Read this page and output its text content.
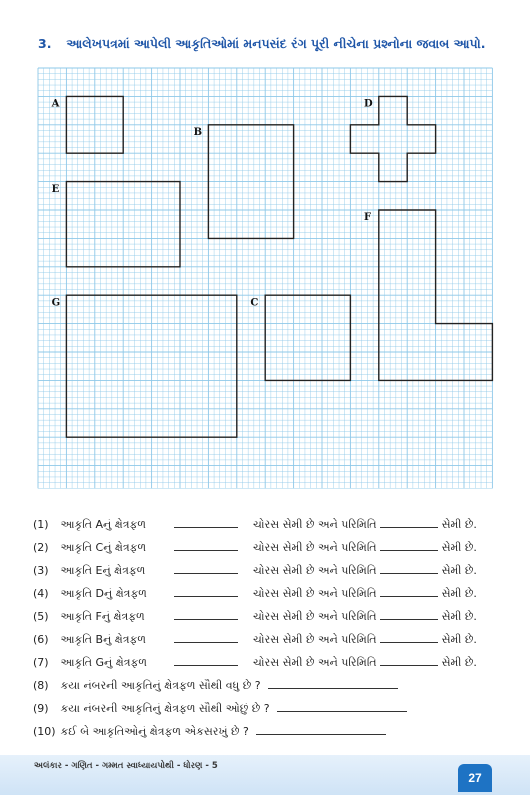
3. આલેખપત્રમાં આપેલી આકૃતિઓમાં મનપસંદ રંગ પૂરી નીચેના પ્રશ્નોના જવાબ આપો.
A
B
C
D
E
F
G
(1) આકૃતિ Aનું ક્ષેત્રફળ	ચોરસ સેમી છે અને પરિમિતિ	સેમી છે.
(2) આકૃતિ Cનું ક્ષેત્રફળ	ચોરસ સેમી છે અને પરિમિતિ	સેમી છે.
(3) આકૃતિ Eનું ક્ષેત્રફળ	ચોરસ સેમી છે અને પરિમિતિ	સેમી છે.
(4) આકૃતિ Dનું ક્ષેત્રફળ	ચોરસ સેમી છે અને પરિમિતિ	સેમી છે.
(5) આકૃતિ Fનું ક્ષેત્રફળ	ચોરસ સેમી છે અને પરિમિતિ	સેમી છે.
(6) આકૃતિ Bનું ક્ષેત્રફળ	ચોરસ સેમી છે અને પરિમિતિ	સેમી છે.
(7) આકૃતિ Gનું ક્ષેત્રફળ	ચોરસ સેમી છે અને પરિમિતિ	સેમી છે.
(8) કયા નંબરની આકૃતિનું ક્ષેત્રફળ સૌથી વધુ છે ?
(9) કયા નંબરની આકૃતિનું ક્ષેત્રફળ સૌથી ઓછું છે ?
(10) કઈ બે આકૃતિઓનું ક્ષેત્રફળ એકસરખું છે ?
અલંકાર - ગણિત - ગમ્મત સ્વાધ્યાયપોથી - ધોરણ - 5
27
